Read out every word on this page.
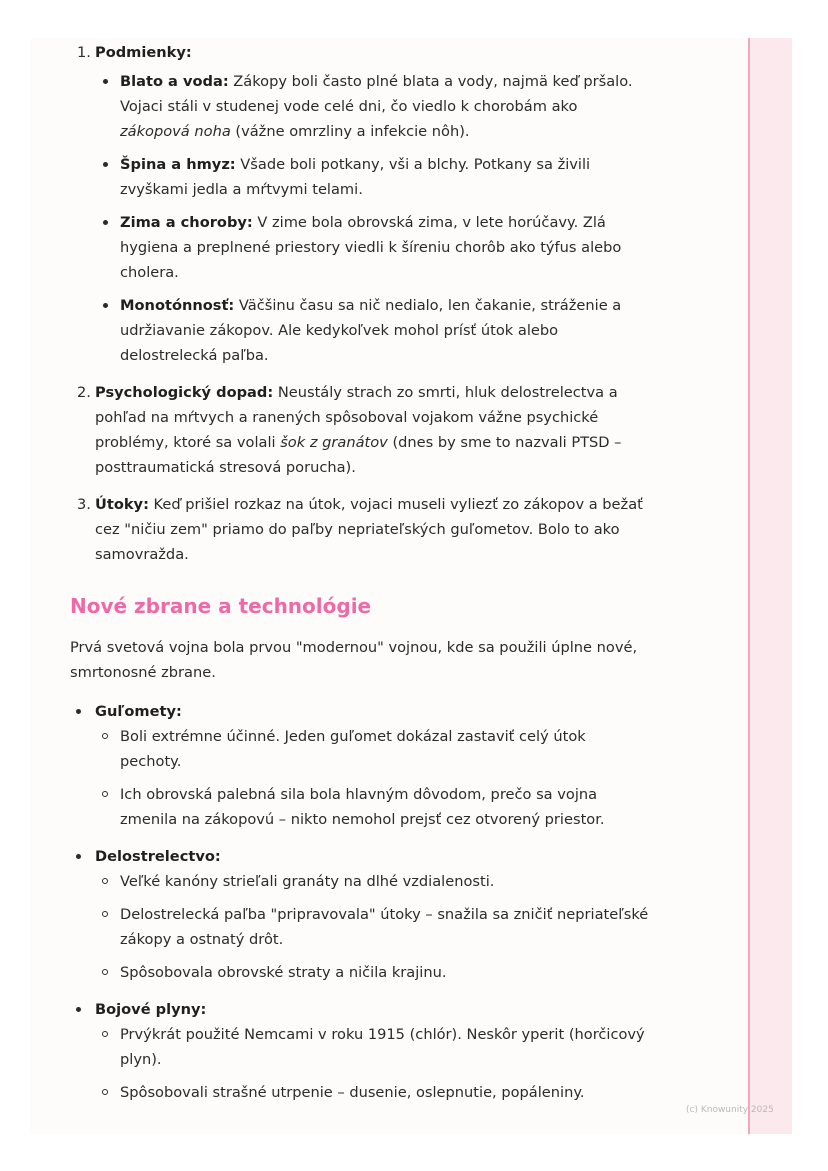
1. Podmienky:
Blato a voda: Zákopy boli často plné blata a vody, najmä keď pršalo. Vojaci stáli v studenej vode celé dni, čo viedlo k chorobám ako zákopová noha (vážne omrzliny a infekcie nôh).
Špina a hmyz: Všade boli potkany, vši a blchy. Potkany sa živili zvyškami jedla a mŕtvymi telami.
Zima a choroby: V zime bola obrovská zima, v lete horúčavy. Zlá hygiena a preplnené priestory viedli k šíreniu chorôb ako týfus alebo cholera.
Monotónnosť: Väčšinu času sa nič nedialo, len čakanie, stráženie a udržiavanie zákopov. Ale kedykoľvek mohol prísť útok alebo delostrelecká paľba.
2. Psychologický dopad: Neustály strach zo smrti, hluk delostrelectva a pohľad na mŕtvych a ranených spôsoboval vojakom vážne psychické problémy, ktoré sa volali šok z granátov (dnes by sme to nazvali PTSD – posttraumatická stresová porucha).
3. Útoky: Keď prišiel rozkaz na útok, vojaci museli vyliezť zo zákopov a bežať cez "ničiu zem" priamo do paľby nepriateľských guľometov. Bolo to ako samovražda.
Nové zbrane a technológie

Prvá svetová vojna bola prvou "modernou" vojnou, kde sa použili úplne nové, smrtonosné zbrane.

Guľomety:
Boli extrémne účinné. Jeden guľomet dokázal zastaviť celý útok pechoty.
Ich obrovská palebná sila bola hlavným dôvodom, prečo sa vojna zmenila na zákopovú – nikto nemohol prejsť cez otvorený priestor.
Delostrelectvo:
Veľké kanóny strieľali granáty na dlhé vzdialenosti.
Delostrelecká paľba "pripravovala" útoky – snažila sa zničiť nepriateľské zákopy a ostnatý drôt.
Spôsobovala obrovské straty a ničila krajinu.
Bojové plyny:
Prvýkrát použité Nemcami v roku 1915 (chlór). Neskôr yperit (horčicový plyn).
Spôsobovali strašné utrpenie – dusenie, oslepnutie, popáleniny.
(c) Knowunity 2025
